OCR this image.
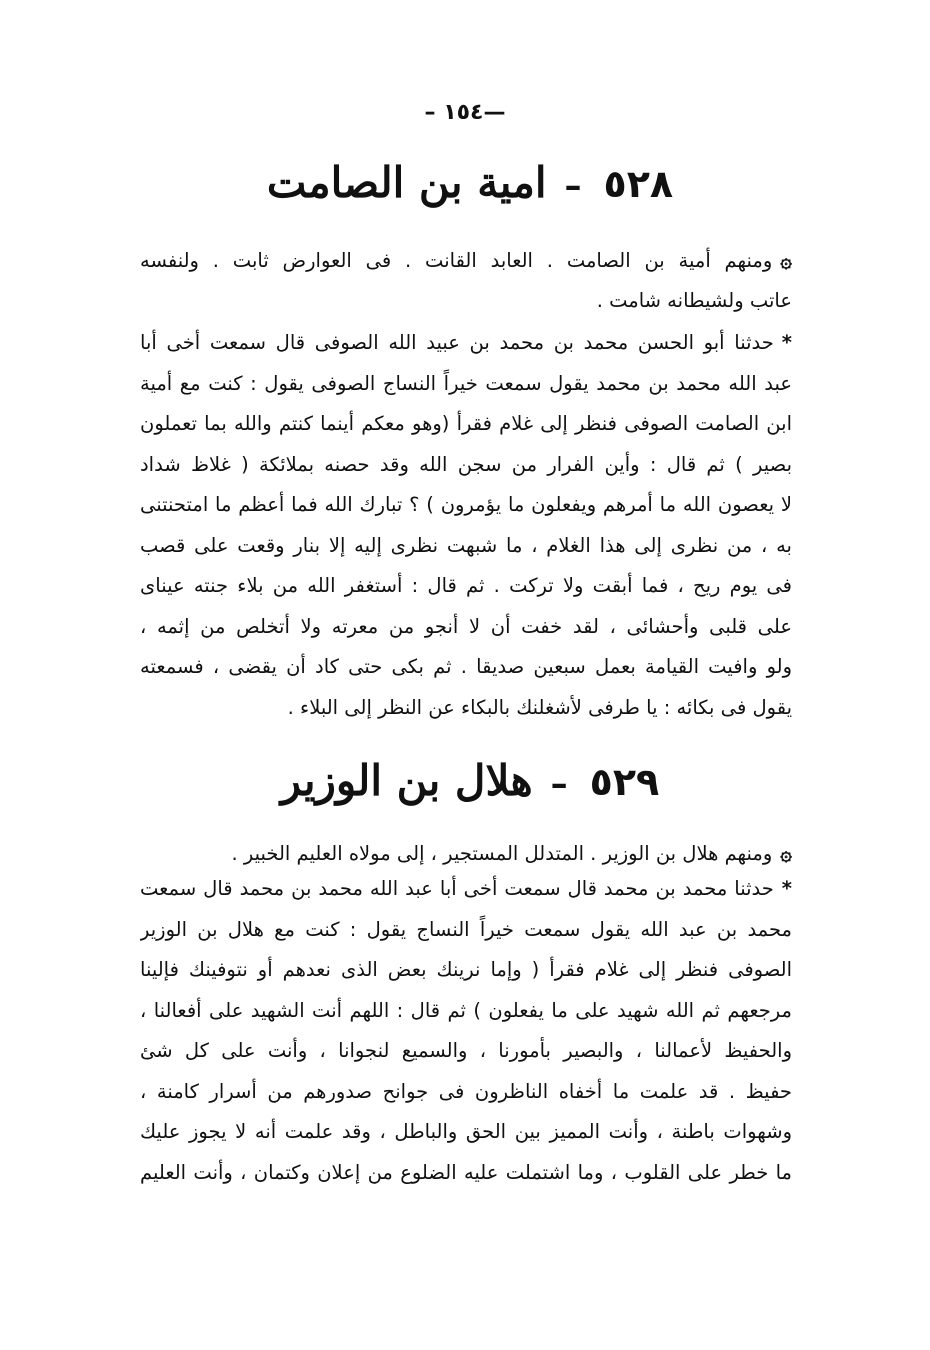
—١٥٤ –
٥٢٨–امية بن الصامت
۞ومنهم أمية بن الصامت . العابد القانت . فى العوارض ثابت . ولنفسه
عاتب ولشيطانه شامت .
*حدثنا أبو الحسن محمد بن محمد بن عبيد الله الصوفى قال سمعت أخى أبا
عبد الله محمد بن محمد يقول سمعت خيراً النساج الصوفى يقول : كنت مع أمية
ابن الصامت الصوفى فنظر إلى غلام فقرأ (وهو معكم أينما كنتم والله بما تعملون
بصير ) ثم قال : وأين الفرار من سجن الله وقد حصنه بملائكة ( غلاظ شداد
لا يعصون الله ما أمرهم ويفعلون ما يؤمرون ) ؟ تبارك الله فما أعظم ما امتحنتنى
به ، من نظرى إلى هذا الغلام ، ما شبهت نظرى إليه إلا بنار وقعت على قصب
فى يوم ريح ، فما أبقت ولا تركت . ثم قال : أستغفر الله من بلاء جنته عيناى
على قلبى وأحشائى ، لقد خفت أن لا أنجو من معرته ولا أتخلص من إثمه ،
ولو وافيت القيامة بعمل سبعين صديقا . ثم بكى حتى كاد أن يقضى ، فسمعته
يقول فى بكائه : يا طرفى لأشغلنك بالبكاء عن النظر إلى البلاء .
٥٢٩–هلال بن الوزير
۞ومنهم هلال بن الوزير . المتدلل المستجير ، إلى مولاه العليم الخبير .
*حدثنا محمد بن محمد قال سمعت أخى أبا عبد الله محمد بن محمد قال سمعت
محمد بن عبد الله يقول سمعت خيراً النساج يقول : كنت مع هلال بن الوزير
الصوفى فنظر إلى غلام فقرأ ( وإما نرينك بعض الذى نعدهم أو نتوفينك فإلينا
مرجعهم ثم الله شهيد على ما يفعلون ) ثم قال : اللهم أنت الشهيد على أفعالنا ،
والحفيظ لأعمالنا ، والبصير بأمورنا ، والسميع لنجوانا ، وأنت على كل شئ
حفيظ . قد علمت ما أخفاه الناظرون فى جوانح صدورهم من أسرار كامنة ،
وشهوات باطنة ، وأنت المميز بين الحق والباطل ، وقد علمت أنه لا يجوز عليك
ما خطر على القلوب ، وما اشتملت عليه الضلوع من إعلان وكتمان ، وأنت العليم
